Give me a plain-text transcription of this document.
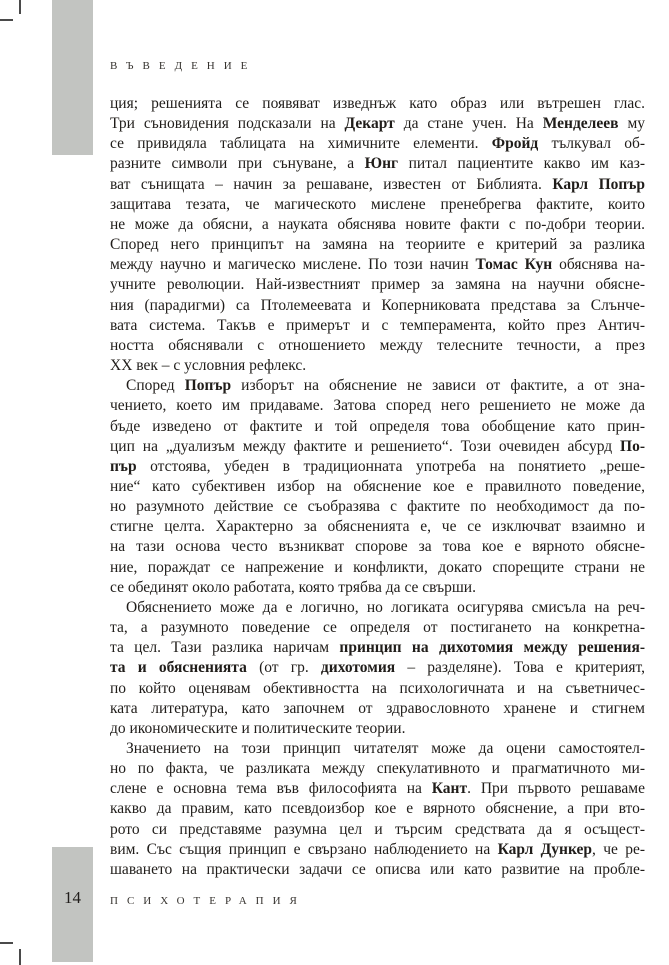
ВЪВЕДЕНИЕ
ция; решенията се появяват изведнъж като образ или вътрешен глас.
Три съновидения подсказали на Декарт да стане учен. На Менделеев му
се привидяла таблицата на химичните елементи. Фройд тълкувал об-
разните символи при сънуване, а Юнг питал пациентите какво им каз-
ват сънищата – начин за решаване, известен от Библията. Карл Попър
защитава тезата, че магическото мислене пренебрегва фактите, които
не може да обясни, а науката обяснява новите факти с по-добри теории.
Според него принципът на замяна на теориите е критерий за разлика
между научно и магическо мислене. По този начин Томас Кун обяснява на-
учните революции. Най-известният пример за замяна на научни обясне-
ния (парадигми) са Птолемеевата и Коперниковата представа за Слънче-
вата система. Такъв е примерът и с темперамента, който през Антич-
ността обяснявали с отношението между телесните течности, а през
ХХ век – с условния рефлекс.
Според Попър изборът на обяснение не зависи от фактите, а от зна-
чението, което им придаваме. Затова според него решението не може да
бъде изведено от фактите и той определя това обобщение като прин-
цип на „дуализъм между фактите и решението“. Този очевиден абсурд По-
пър отстоява, убеден в традиционната употреба на понятието „реше-
ние“ като субективен избор на обяснение кое е правилното поведение,
но разумното действие се съобразява с фактите по необходимост да по-
стигне целта. Характерно за обясненията е, че се изключват взаимно и
на тази основа често възникват спорове за това кое е вярното обясне-
ние, пораждат се напрежение и конфликти, докато спорещите страни не
се обединят около работата, която трябва да се свърши.
Обяснението може да е логично, но логиката осигурява смисъла на реч-
та, а разумното поведение се определя от постигането на конкретна-
та цел. Тази разлика наричам принцип на дихотомия между решения-
та и обясненията (от гр. дихотомия – разделяне). Това е критерият,
по който оценявам обективността на психологичната и на съветничес-
ката литература, като започнем от здравословното хранене и стигнем
до икономическите и политическите теории.
Значението на този принцип читателят може да оцени самостоятел-
но по факта, че разликата между спекулативното и прагматичното ми-
слене е основна тема във философията на Кант. При първото решаваме
какво да правим, като псевдоизбор кое е вярното обяснение, а при вто-
рото си представяме разумна цел и търсим средствата да я осъщест-
вим. Със същия принцип е свързано наблюдението на Карл Дункер, че ре-
шаването на практически задачи се описва или като развитие на пробле-
14	ПСИХОТЕРАПИЯ
